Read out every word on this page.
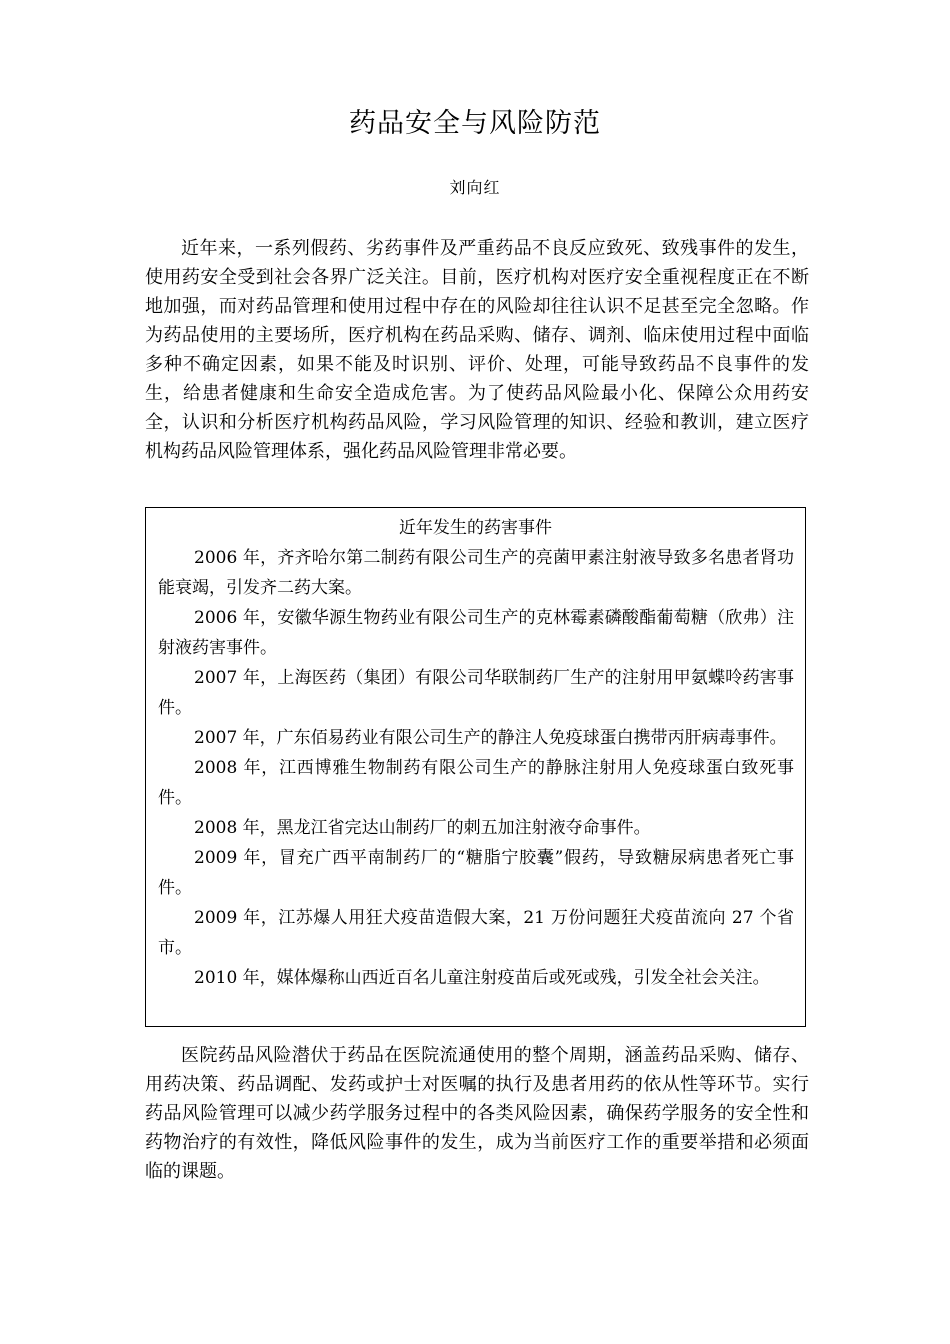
药品安全与风险防范
刘向红

近年来，一系列假药、劣药事件及严重药品不良反应致死、致残事件的发生，使用药安全受到社会各界广泛关注。目前，医疗机构对医疗安全重视程度正在不断地加强，而对药品管理和使用过程中存在的风险却往往认识不足甚至完全忽略。作为药品使用的主要场所，医疗机构在药品采购、储存、调剂、临床使用过程中面临多种不确定因素，如果不能及时识别、评价、处理，可能导致药品不良事件的发生，给患者健康和生命安全造成危害。为了使药品风险最小化、保障公众用药安全，认识和分析医疗机构药品风险，学习风险管理的知识、经验和教训，建立医疗机构药品风险管理体系，强化药品风险管理非常必要。

近年发生的药害事件
2006 年，齐齐哈尔第二制药有限公司生产的亮菌甲素注射液导致多名患者肾功能衰竭，引发齐二药大案。
2006 年，安徽华源生物药业有限公司生产的克林霉素磷酸酯葡萄糖（欣弗）注射液药害事件。
2007 年，上海医药（集团）有限公司华联制药厂生产的注射用甲氨蝶呤药害事件。
2007 年，广东佰易药业有限公司生产的静注人免疫球蛋白携带丙肝病毒事件。
2008 年，江西博雅生物制药有限公司生产的静脉注射用人免疫球蛋白致死事件。
2008 年，黑龙江省完达山制药厂的刺五加注射液夺命事件。
2009 年，冒充广西平南制药厂的“糖脂宁胶囊”假药，导致糖尿病患者死亡事件。
2009 年，江苏爆人用狂犬疫苗造假大案，21 万份问题狂犬疫苗流向 27 个省市。
2010 年，媒体爆称山西近百名儿童注射疫苗后或死或残，引发全社会关注。

医院药品风险潜伏于药品在医院流通使用的整个周期，涵盖药品采购、储存、用药决策、药品调配、发药或护士对医嘱的执行及患者用药的依从性等环节。实行药品风险管理可以减少药学服务过程中的各类风险因素，确保药学服务的安全性和药物治疗的有效性，降低风险事件的发生，成为当前医疗工作的重要举措和必须面临的课题。
